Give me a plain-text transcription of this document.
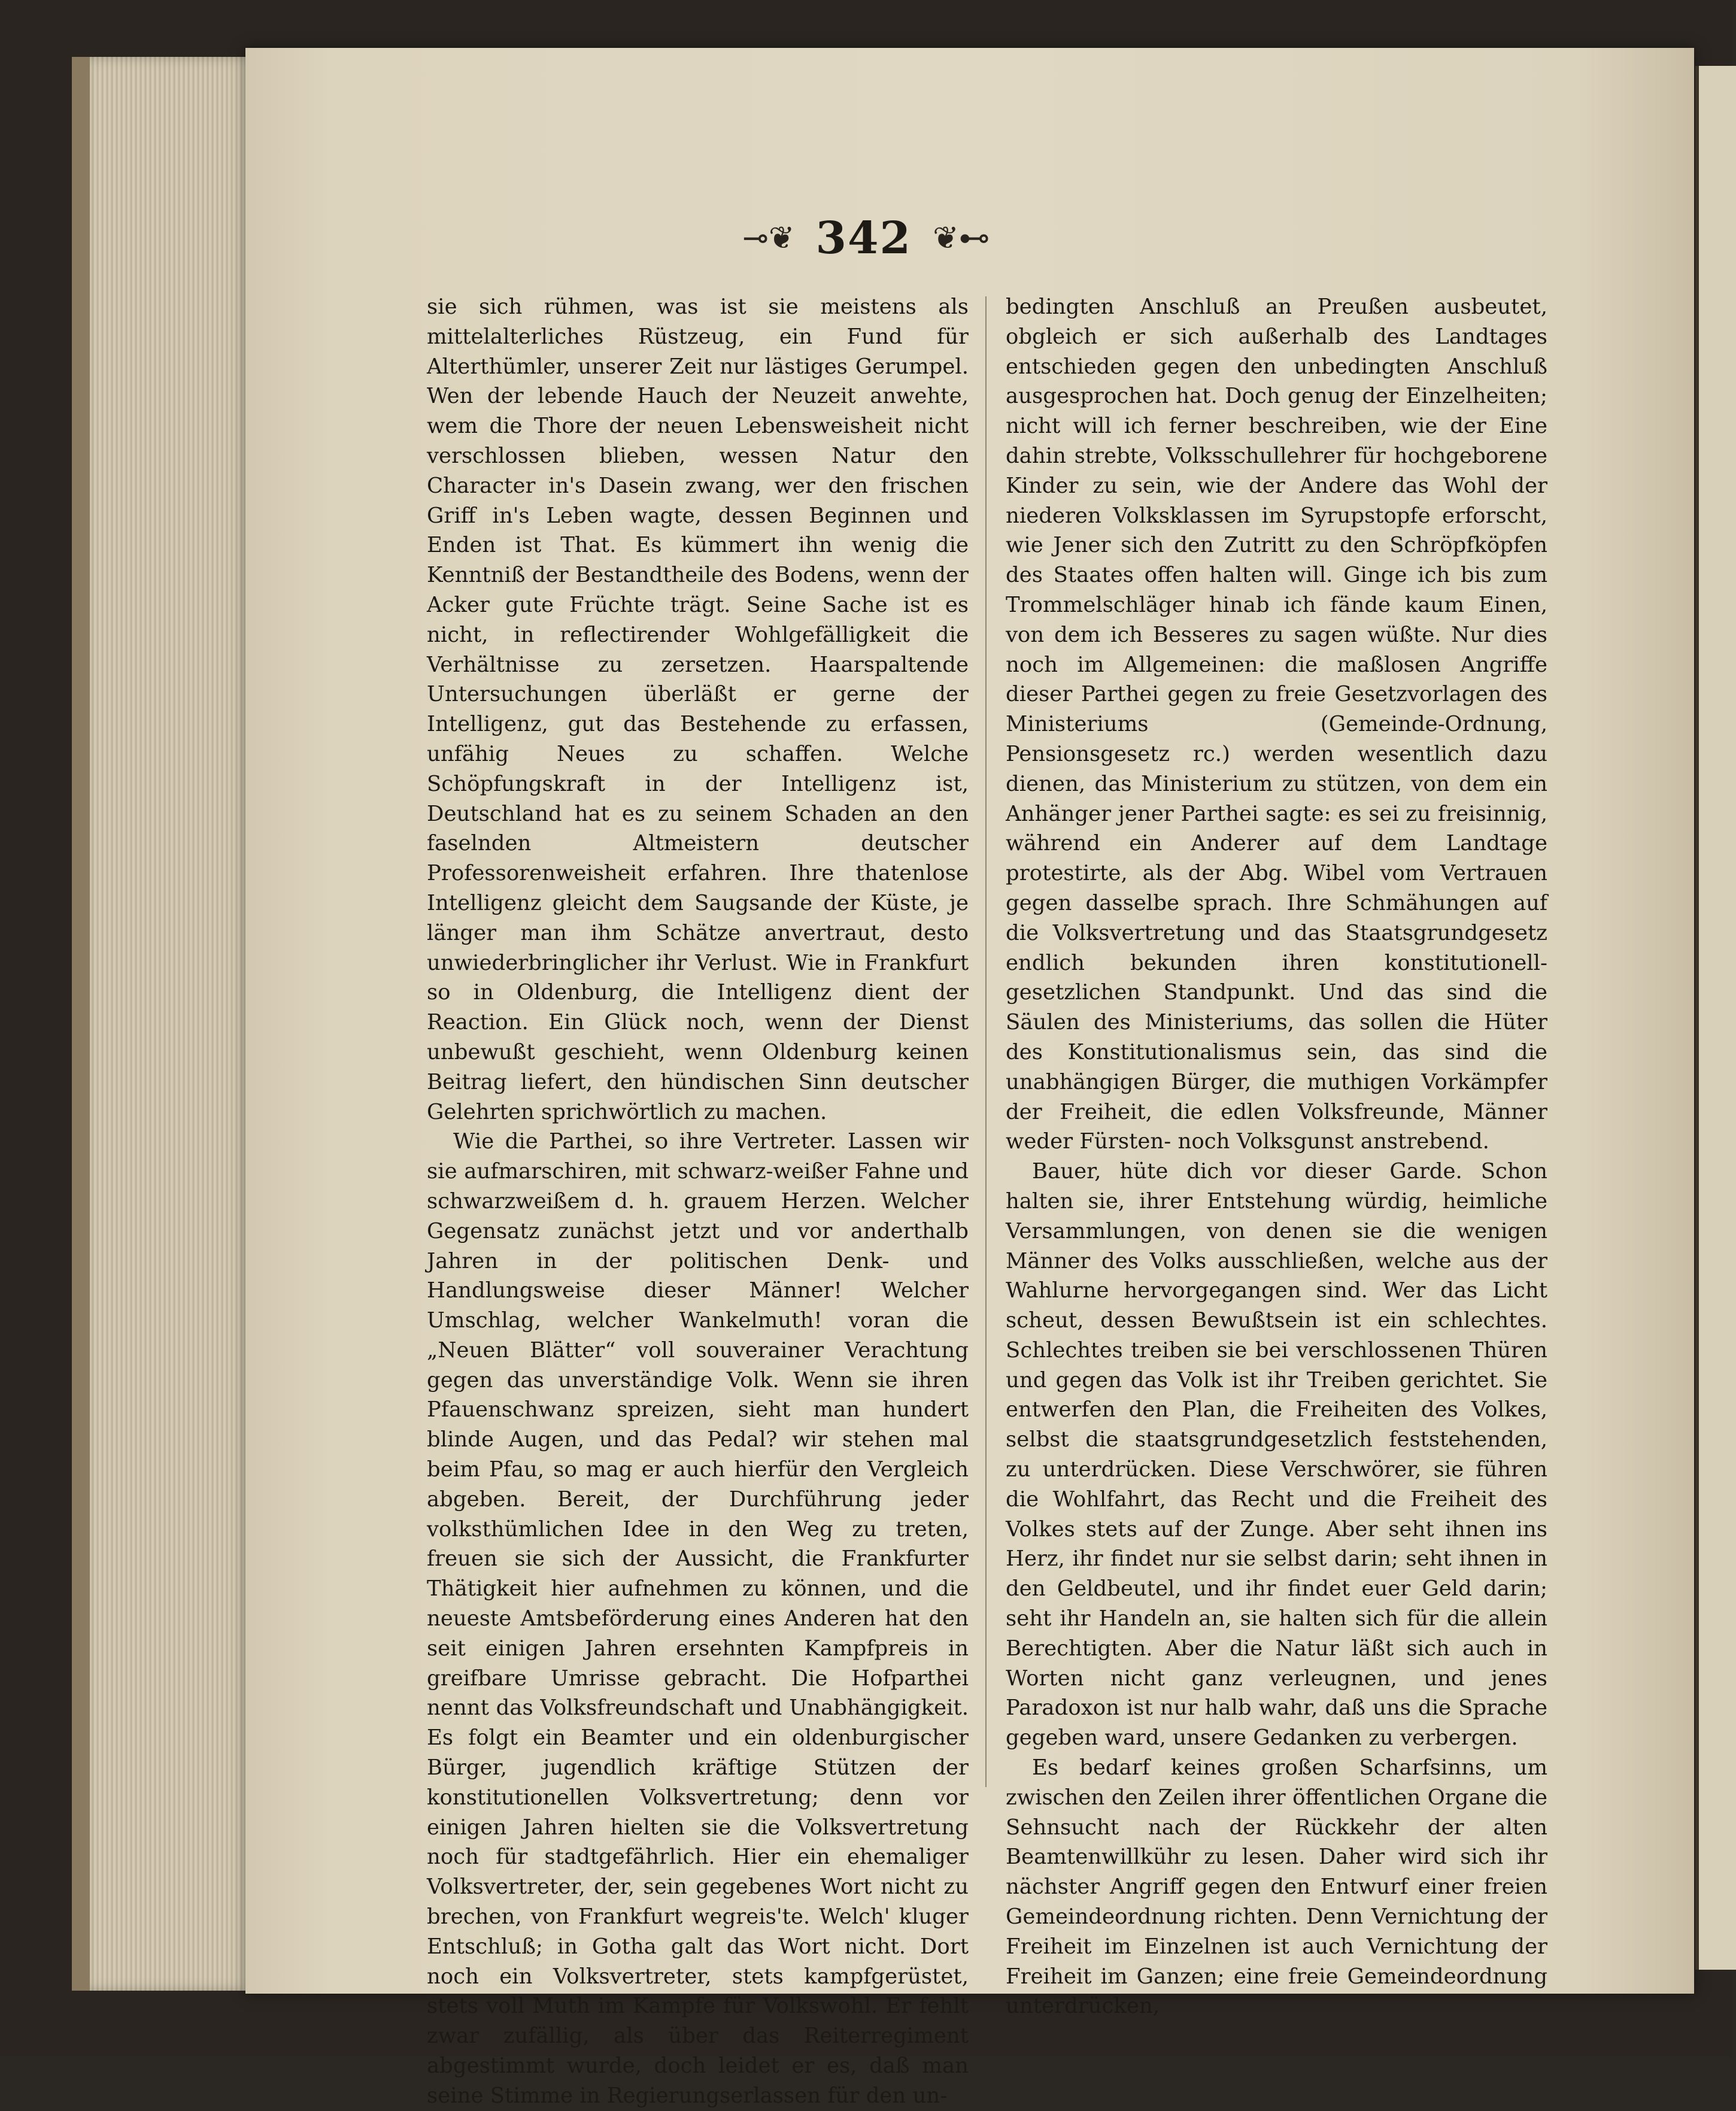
⊸❦ 342 ❦⊷

sie sich rühmen, was ist sie meistens als mittelalterliches Rüstzeug, ein Fund für Alterthümler, unserer Zeit nur lästiges Gerumpel. Wen der lebende Hauch der Neuzeit anwehte, wem die Thore der neuen Lebensweisheit nicht verschlossen blieben, wessen Natur den Character in's Dasein zwang, wer den frischen Griff in's Leben wagte, dessen Beginnen und Enden ist That. Es kümmert ihn wenig die Kenntniß der Bestandtheile des Bodens, wenn der Acker gute Früchte trägt. Seine Sache ist es nicht, in reflectirender Wohlgefälligkeit die Verhältnisse zu zersetzen. Haarspaltende Untersuchungen überläßt er gerne der Intelligenz, gut das Bestehende zu erfassen, unfähig Neues zu schaffen. Welche Schöpfungskraft in der Intelligenz ist, Deutschland hat es zu seinem Schaden an den faselnden Altmeistern deutscher Professorenweisheit erfahren. Ihre thatenlose Intelligenz gleicht dem Saugsande der Küste, je länger man ihm Schätze anvertraut, desto unwiederbringlicher ihr Verlust. Wie in Frankfurt so in Oldenburg, die Intelligenz dient der Reaction. Ein Glück noch, wenn der Dienst unbewußt geschieht, wenn Oldenburg keinen Beitrag liefert, den hündischen Sinn deutscher Gelehrten sprichwörtlich zu machen.

Wie die Parthei, so ihre Vertreter. Lassen wir sie aufmarschiren, mit schwarz-weißer Fahne und schwarzweißem d. h. grauem Herzen. Welcher Gegensatz zunächst jetzt und vor anderthalb Jahren in der politischen Denk- und Handlungsweise dieser Männer! Welcher Umschlag, welcher Wankelmuth! voran die „Neuen Blätter“ voll souverainer Verachtung gegen das unverständige Volk. Wenn sie ihren Pfauenschwanz spreizen, sieht man hundert blinde Augen, und das Pedal? wir stehen mal beim Pfau, so mag er auch hierfür den Vergleich abgeben. Bereit, der Durchführung jeder volksthümlichen Idee in den Weg zu treten, freuen sie sich der Aussicht, die Frankfurter Thätigkeit hier aufnehmen zu können, und die neueste Amtsbeförderung eines Anderen hat den seit einigen Jahren ersehnten Kampfpreis in greifbare Umrisse gebracht. Die Hofparthei nennt das Volksfreundschaft und Unabhängigkeit. Es folgt ein Beamter und ein oldenburgischer Bürger, jugendlich kräftige Stützen der konstitutionellen Volksvertretung; denn vor einigen Jahren hielten sie die Volksvertretung noch für stadtgefährlich. Hier ein ehemaliger Volksvertreter, der, sein gegebenes Wort nicht zu brechen, von Frankfurt wegreis'te. Welch' kluger Entschluß; in Gotha galt das Wort nicht. Dort noch ein Volksvertreter, stets kampfgerüstet, stets voll Muth im Kampfe für Volkswohl. Er fehlt zwar zufällig, als über das Reiterregiment abgestimmt wurde, doch leidet er es, daß man seine Stimme in Regierungserlassen für den un-

bedingten Anschluß an Preußen ausbeutet, obgleich er sich außerhalb des Landtages entschieden gegen den unbedingten Anschluß ausgesprochen hat. Doch genug der Einzelheiten; nicht will ich ferner beschreiben, wie der Eine dahin strebte, Volksschullehrer für hochgeborene Kinder zu sein, wie der Andere das Wohl der niederen Volksklassen im Syrupstopfe erforscht, wie Jener sich den Zutritt zu den Schröpfköpfen des Staates offen halten will. Ginge ich bis zum Trommelschläger hinab ich fände kaum Einen, von dem ich Besseres zu sagen wüßte. Nur dies noch im Allgemeinen: die maßlosen Angriffe dieser Parthei gegen zu freie Gesetzvorlagen des Ministeriums (Gemeinde-Ordnung, Pensionsgesetz rc.) werden wesentlich dazu dienen, das Ministerium zu stützen, von dem ein Anhänger jener Parthei sagte: es sei zu freisinnig, während ein Anderer auf dem Landtage protestirte, als der Abg. Wibel vom Vertrauen gegen dasselbe sprach. Ihre Schmähungen auf die Volksvertretung und das Staatsgrundgesetz endlich bekunden ihren konstitutionell-gesetzlichen Standpunkt. Und das sind die Säulen des Ministeriums, das sollen die Hüter des Konstitutionalismus sein, das sind die unabhängigen Bürger, die muthigen Vorkämpfer der Freiheit, die edlen Volksfreunde, Männer weder Fürsten- noch Volksgunst anstrebend.

Bauer, hüte dich vor dieser Garde. Schon halten sie, ihrer Entstehung würdig, heimliche Versammlungen, von denen sie die wenigen Männer des Volks ausschließen, welche aus der Wahlurne hervorgegangen sind. Wer das Licht scheut, dessen Bewußtsein ist ein schlechtes. Schlechtes treiben sie bei verschlossenen Thüren und gegen das Volk ist ihr Treiben gerichtet. Sie entwerfen den Plan, die Freiheiten des Volkes, selbst die staatsgrundgesetzlich feststehenden, zu unterdrücken. Diese Verschwörer, sie führen die Wohlfahrt, das Recht und die Freiheit des Volkes stets auf der Zunge. Aber seht ihnen ins Herz, ihr findet nur sie selbst darin; seht ihnen in den Geldbeutel, und ihr findet euer Geld darin; seht ihr Handeln an, sie halten sich für die allein Berechtigten. Aber die Natur läßt sich auch in Worten nicht ganz verleugnen, und jenes Paradoxon ist nur halb wahr, daß uns die Sprache gegeben ward, unsere Gedanken zu verbergen.

Es bedarf keines großen Scharfsinns, um zwischen den Zeilen ihrer öffentlichen Organe die Sehnsucht nach der Rückkehr der alten Beamtenwillkühr zu lesen. Daher wird sich ihr nächster Angriff gegen den Entwurf einer freien Gemeindeordnung richten. Denn Vernichtung der Freiheit im Einzelnen ist auch Vernichtung der Freiheit im Ganzen; eine freie Gemeindeordnung unterdrücken,
